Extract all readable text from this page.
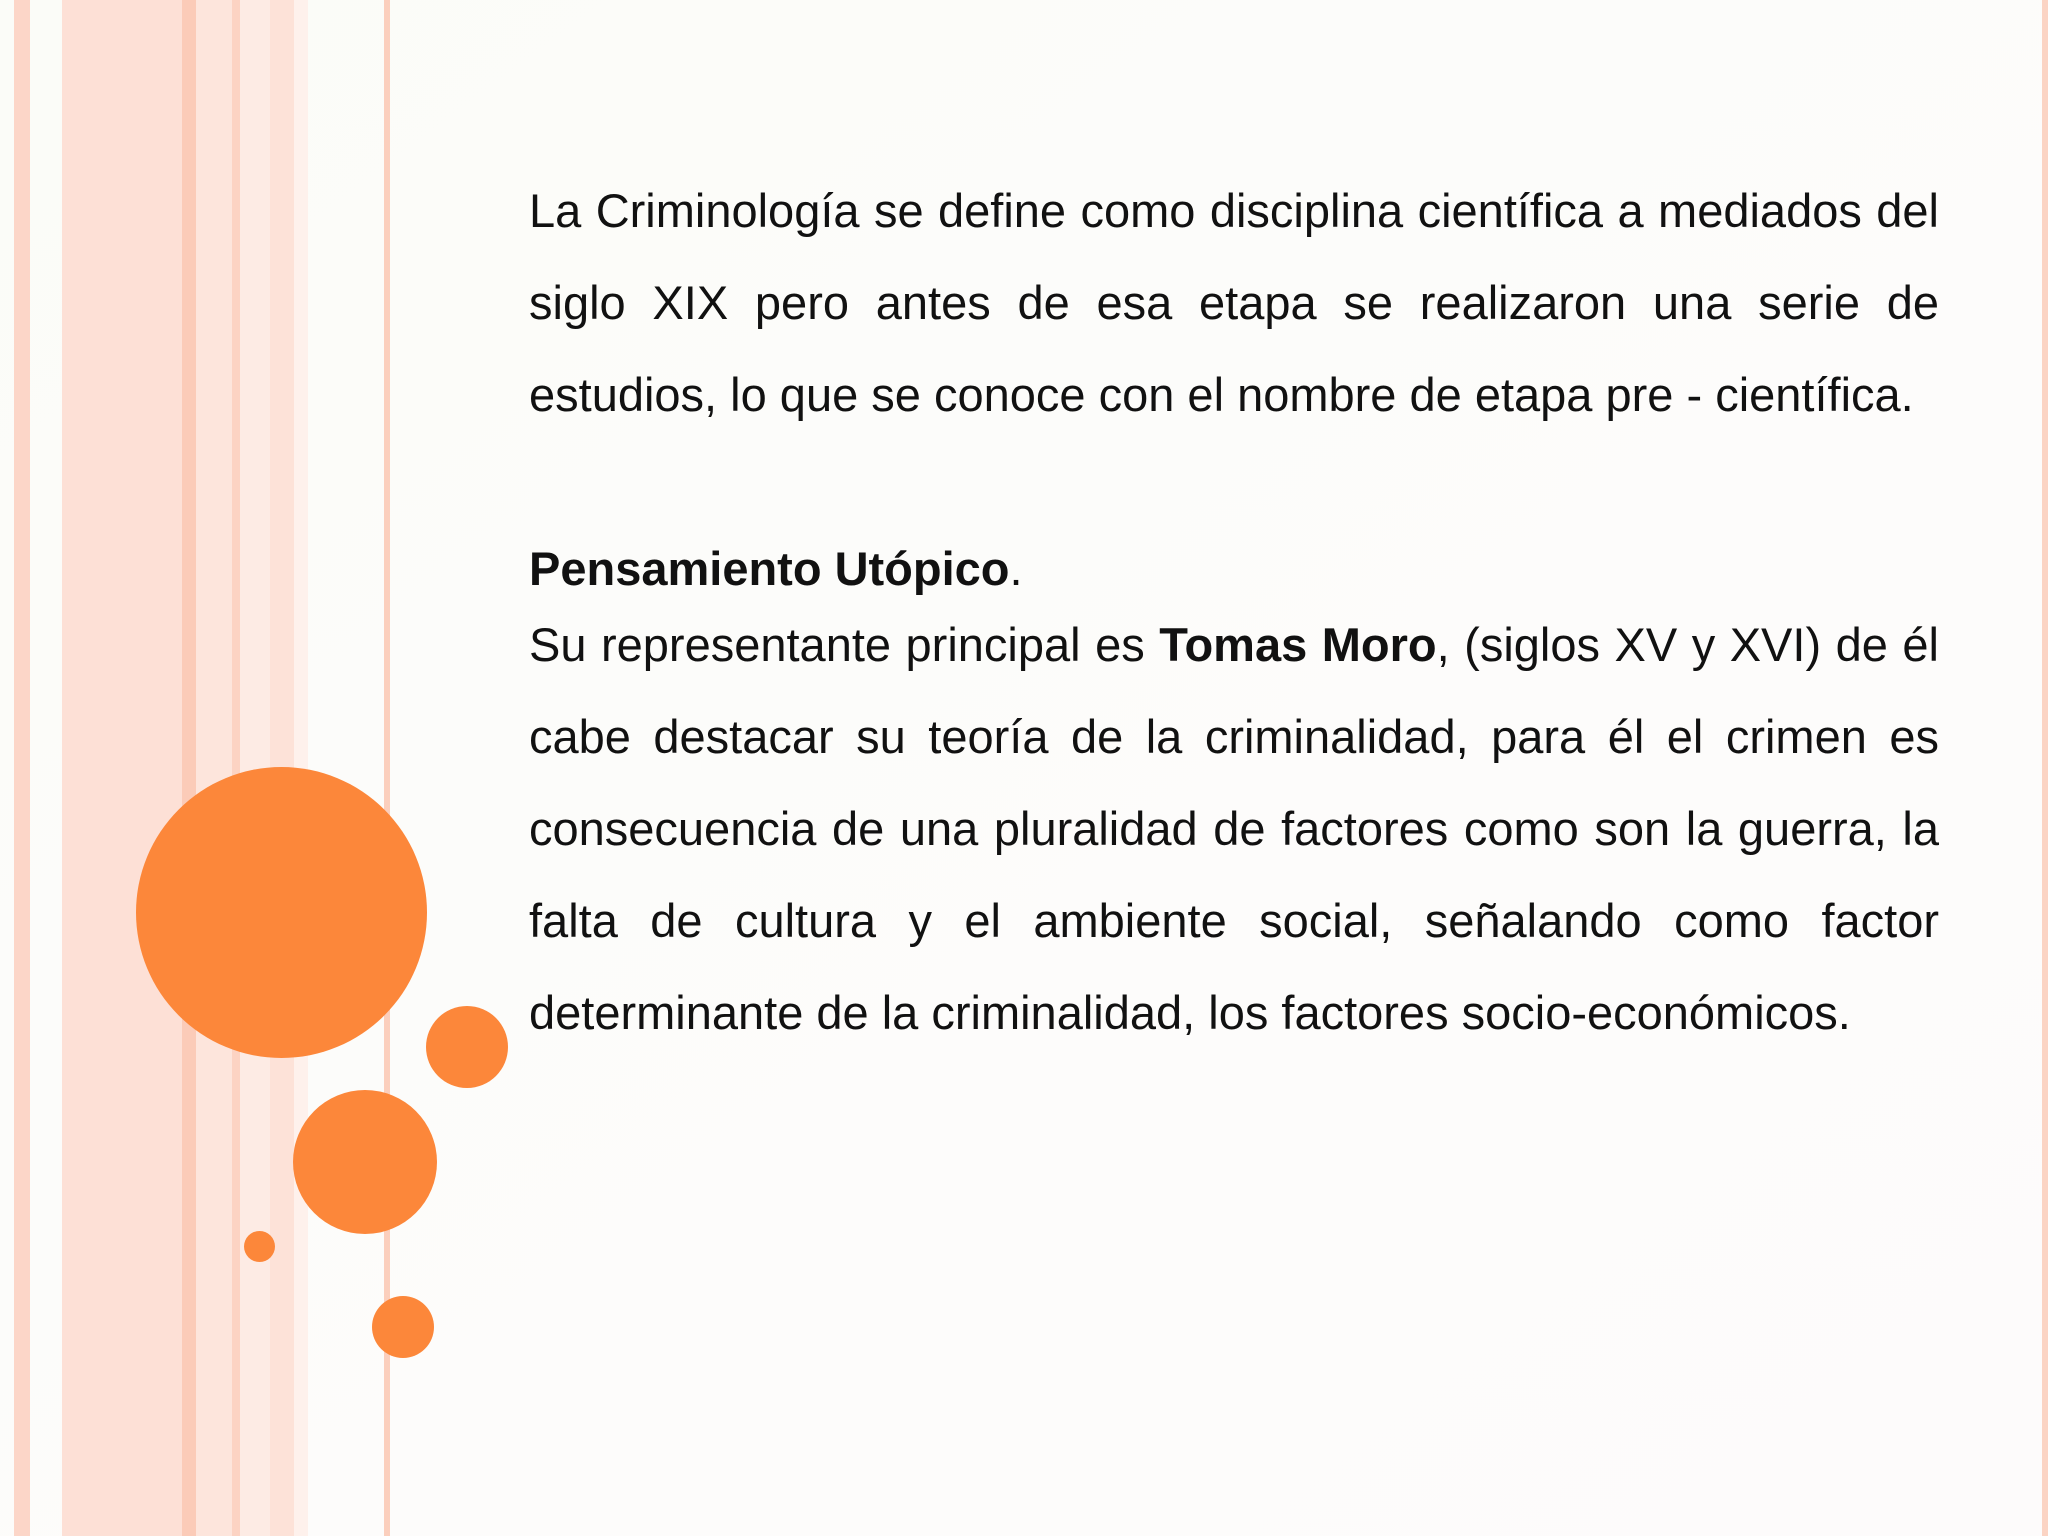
La Criminología se define como disciplina científica a mediados del siglo XIX pero antes de esa etapa se realizaron una serie de estudios, lo que se conoce con el nombre de etapa pre - científica.

Pensamiento Utópico.

Su representante principal es Tomas Moro, (siglos XV y XVI) de él cabe destacar su teoría de la criminalidad, para él el crimen es consecuencia de una pluralidad de factores como son la guerra, la falta de cultura y el ambiente social, señalando como factor determinante de la criminalidad, los factores socio-económicos.
